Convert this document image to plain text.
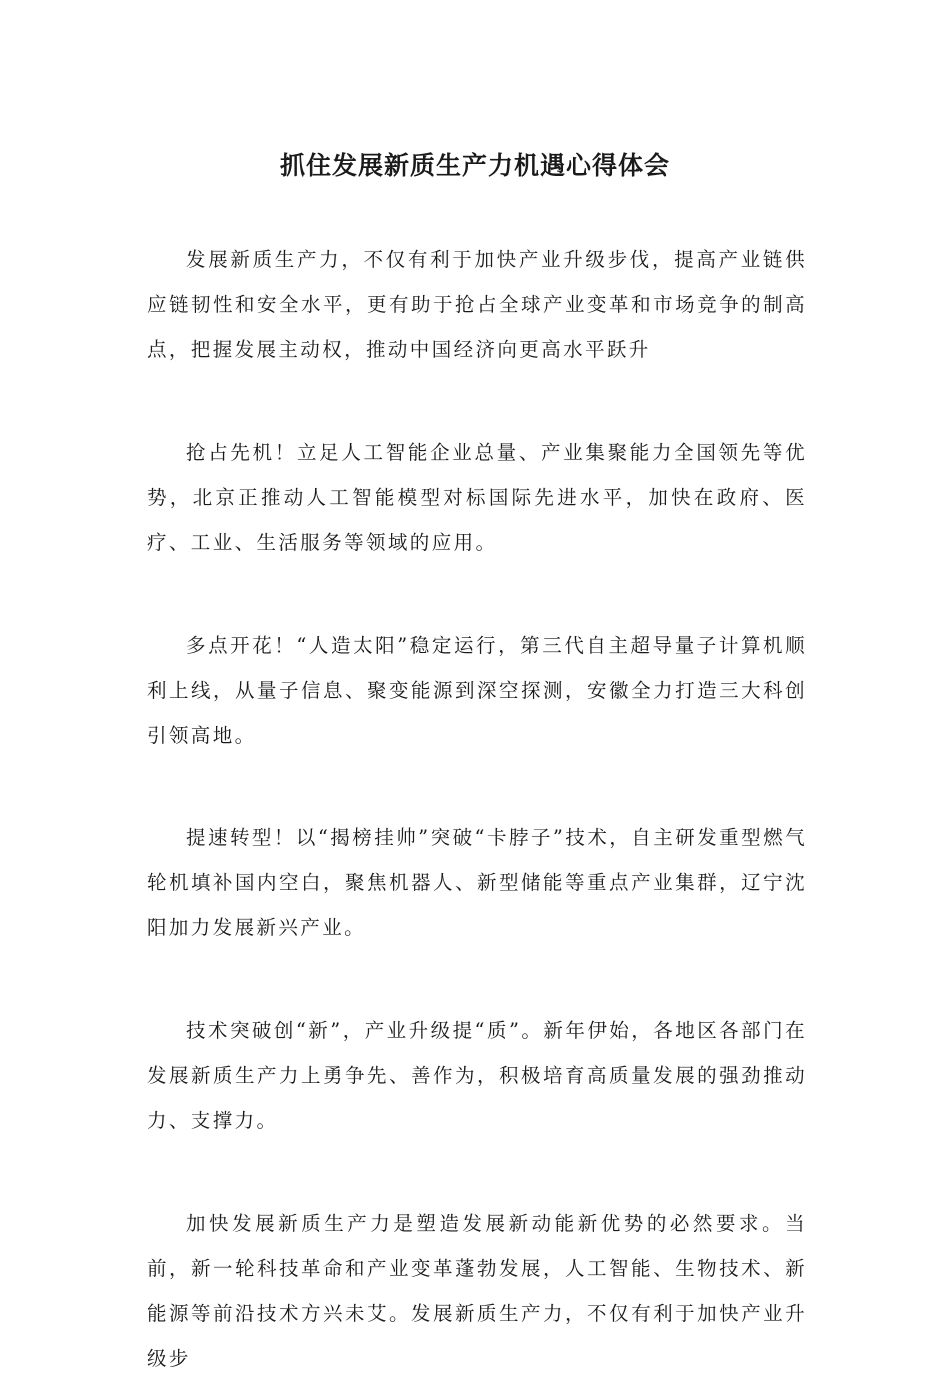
抓住发展新质生产力机遇心得体会

发展新质生产力，不仅有利于加快产业升级步伐，提高产业链供应链韧性和安全水平，更有助于抢占全球产业变革和市场竞争的制高点，把握发展主动权，推动中国经济向更高水平跃升

抢占先机！立足人工智能企业总量、产业集聚能力全国领先等优势，北京正推动人工智能模型对标国际先进水平，加快在政府、医疗、工业、生活服务等领域的应用。

多点开花！“人造太阳”稳定运行，第三代自主超导量子计算机顺利上线，从量子信息、聚变能源到深空探测，安徽全力打造三大科创引领高地。

提速转型！以“揭榜挂帅”突破“卡脖子”技术，自主研发重型燃气轮机填补国内空白，聚焦机器人、新型储能等重点产业集群，辽宁沈阳加力发展新兴产业。

技术突破创“新”，产业升级提“质”。新年伊始，各地区各部门在发展新质生产力上勇争先、善作为，积极培育高质量发展的强劲推动力、支撑力。

加快发展新质生产力是塑造发展新动能新优势的必然要求。当前，新一轮科技革命和产业变革蓬勃发展，人工智能、生物技术、新能源等前沿技术方兴未艾。发展新质生产力，不仅有利于加快产业升级步
